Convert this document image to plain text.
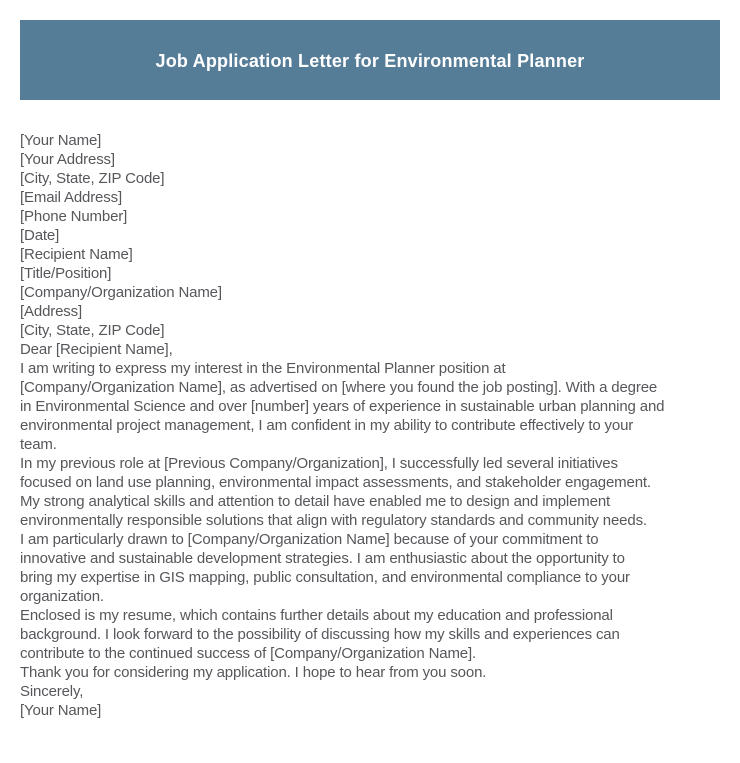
Job Application Letter for Environmental Planner
[Your Name]
[Your Address]
[City, State, ZIP Code]
[Email Address]
[Phone Number]
[Date]
[Recipient Name]
[Title/Position]
[Company/Organization Name]
[Address]
[City, State, ZIP Code]
Dear [Recipient Name],
I am writing to express my interest in the Environmental Planner position at
[Company/Organization Name], as advertised on [where you found the job posting]. With a degree
in Environmental Science and over [number] years of experience in sustainable urban planning and
environmental project management, I am confident in my ability to contribute effectively to your
team.
In my previous role at [Previous Company/Organization], I successfully led several initiatives
focused on land use planning, environmental impact assessments, and stakeholder engagement.
My strong analytical skills and attention to detail have enabled me to design and implement
environmentally responsible solutions that align with regulatory standards and community needs.
I am particularly drawn to [Company/Organization Name] because of your commitment to
innovative and sustainable development strategies. I am enthusiastic about the opportunity to
bring my expertise in GIS mapping, public consultation, and environmental compliance to your
organization.
Enclosed is my resume, which contains further details about my education and professional
background. I look forward to the possibility of discussing how my skills and experiences can
contribute to the continued success of [Company/Organization Name].
Thank you for considering my application. I hope to hear from you soon.
Sincerely,
[Your Name]
